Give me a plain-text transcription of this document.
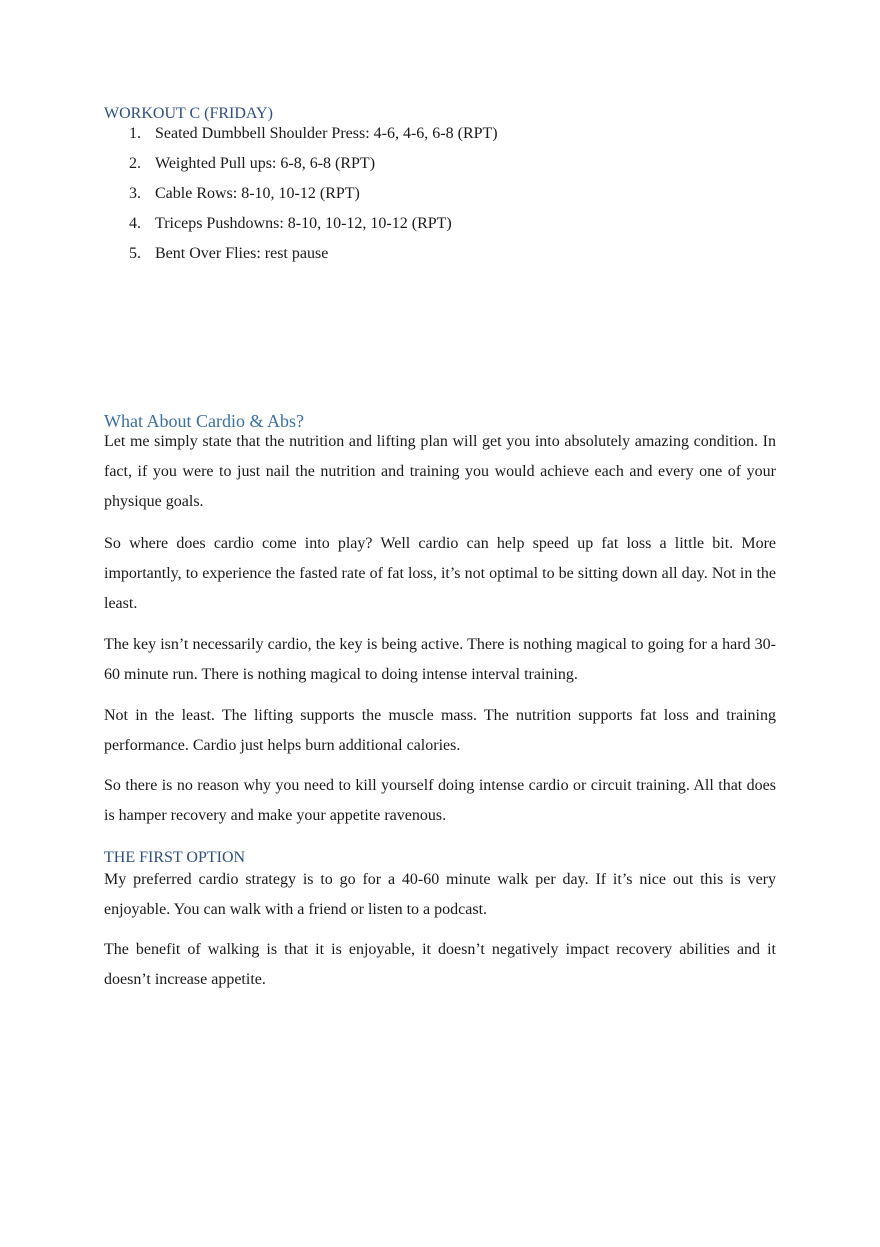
WORKOUT C (FRIDAY)
1. Seated Dumbbell Shoulder Press: 4-6, 4-6, 6-8 (RPT)
2. Weighted Pull ups: 6-8, 6-8 (RPT)
3. Cable Rows: 8-10, 10-12 (RPT)
4. Triceps Pushdowns: 8-10, 10-12, 10-12 (RPT)
5. Bent Over Flies: rest pause
What About Cardio & Abs?

Let me simply state that the nutrition and lifting plan will get you into absolutely amazing condition. In fact, if you were to just nail the nutrition and training you would achieve each and every one of your physique goals.

So where does cardio come into play? Well cardio can help speed up fat loss a little bit. More importantly, to experience the fasted rate of fat loss, it’s not optimal to be sitting down all day. Not in the least.

The key isn’t necessarily cardio, the key is being active. There is nothing magical to going for a hard 30-60 minute run. There is nothing magical to doing intense interval training.

Not in the least. The lifting supports the muscle mass. The nutrition supports fat loss and training performance. Cardio just helps burn additional calories.

So there is no reason why you need to kill yourself doing intense cardio or circuit training. All that does is hamper recovery and make your appetite ravenous.

THE FIRST OPTION

My preferred cardio strategy is to go for a 40-60 minute walk per day. If it’s nice out this is very enjoyable. You can walk with a friend or listen to a podcast.

The benefit of walking is that it is enjoyable, it doesn’t negatively impact recovery abilities and it doesn’t increase appetite.
